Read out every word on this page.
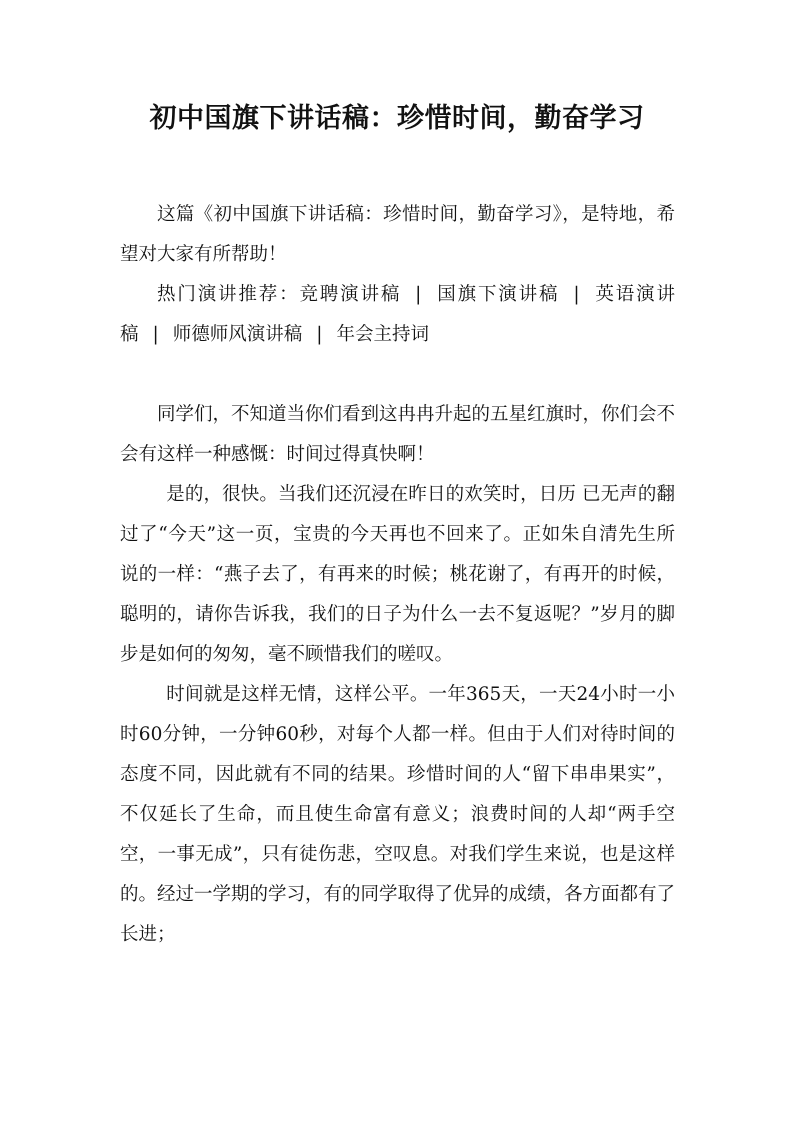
初中国旗下讲话稿：珍惜时间，勤奋学习

这篇《初中国旗下讲话稿：珍惜时间，勤奋学习》，是特地，希望对大家有所帮助！

热门演讲推荐：竞聘演讲稿 | 国旗下演讲稿 | 英语演讲稿 | 师德师风演讲稿 | 年会主持词

同学们，不知道当你们看到这冉冉升起的五星红旗时，你们会不会有这样一种感慨：时间过得真快啊！

是的，很快。当我们还沉浸在昨日的欢笑时，日历 已无声的翻过了“今天”这一页，宝贵的今天再也不回来了。正如朱自清先生所说的一样：“燕子去了，有再来的时候；桃花谢了，有再开的时候，聪明的，请你告诉我，我们的日子为什么一去不复返呢？”岁月的脚步是如何的匆匆，毫不顾惜我们的嗟叹。

时间就是这样无情，这样公平。一年365天，一天24小时一小时60分钟，一分钟60秒，对每个人都一样。但由于人们对待时间的态度不同，因此就有不同的结果。珍惜时间的人“留下串串果实”，不仅延长了生命，而且使生命富有意义；浪费时间的人却“两手空空，一事无成”，只有徒伤悲，空叹息。对我们学生来说，也是这样的。经过一学期的学习，有的同学取得了优异的成绩，各方面都有了长进；
